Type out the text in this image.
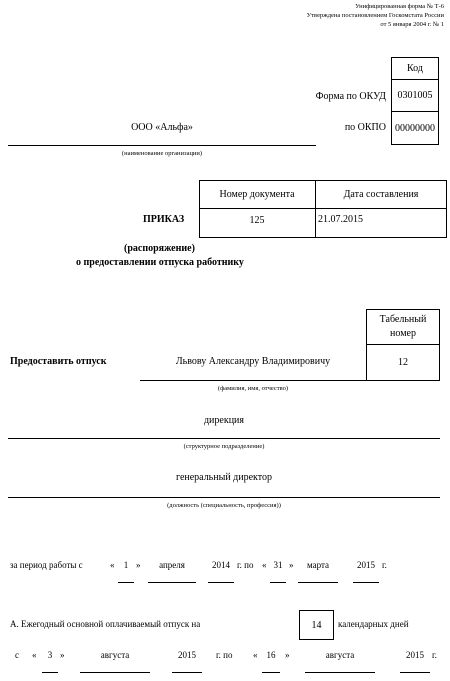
Унифицированная форма № Т-6
Утверждена постановлением Госкомстата России
от 5 января 2004 г. № 1
Код
Форма по ОКУД	0301005
по ОКПО 00000000
ООО «Альфа»
(наименование организации)
Номер документа	Дата составления
ПРИКАЗ	125	21.07.2015
(распоряжение)
о предоставлении отпуска работнику
Табельный номер
12
Предоставить отпуск	Львову Александру Владимировичу
(фамилия, имя, отчество)
дирекция
(структурное подразделение)
генеральный директор
(должность (специальность, профессия))
за период работы с	«	1 »	апреля	2014 г. по « 31 »	марта	2015 г.
А. Ежегодный основной оплачиваемый отпуск на	14	календарных дней
с «	3 »	августа	2015	г. по «	16	»	августа	2015 г.
